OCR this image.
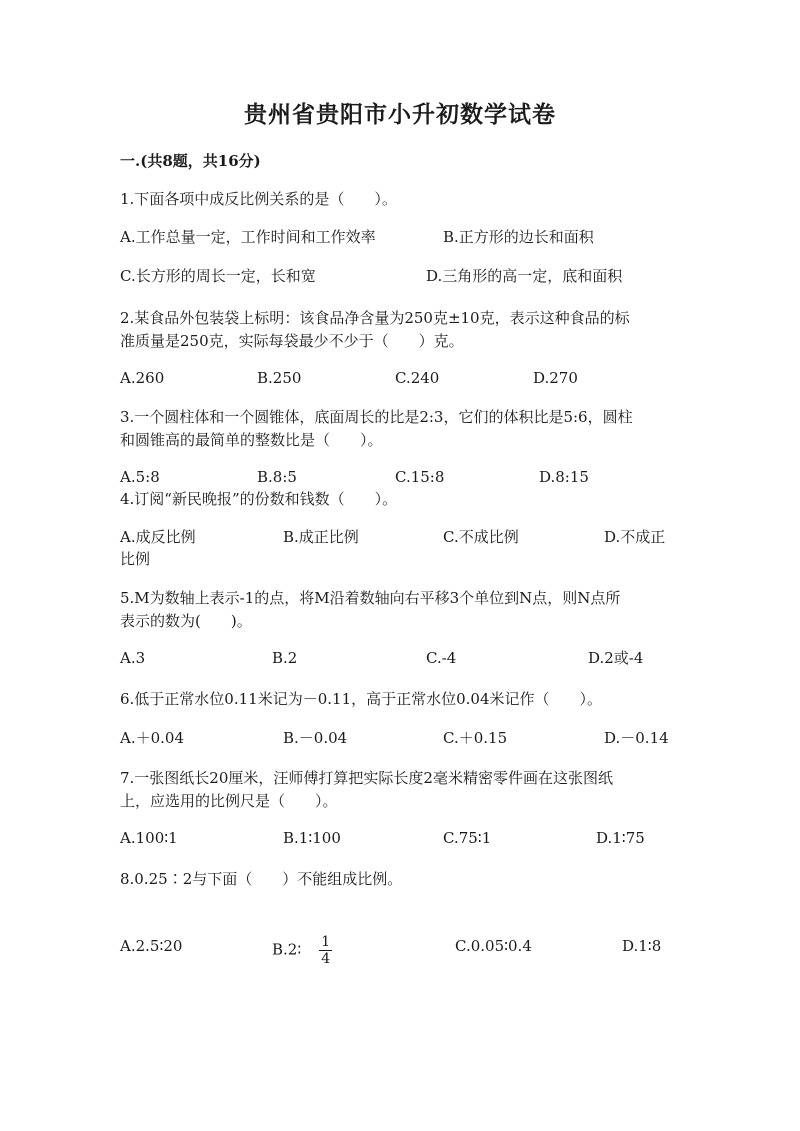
贵州省贵阳市小升初数学试卷
一.(共8题，共16分)
1.下面各项中成反比例关系的是（　　）。
A.工作总量一定，工作时间和工作效率	B.正方形的边长和面积
C.长方形的周长一定，长和宽	D.三角形的高一定，底和面积
2.某食品外包装袋上标明：该食品净含量为250克±10克，表示这种食品的标
准质量是250克，实际每袋最少不少于（　　）克。
A.260	B.250	C.240	D.270
3.一个圆柱体和一个圆锥体，底面周长的比是2:3，它们的体积比是5:6，圆柱
和圆锥高的最简单的整数比是（　　）。
A.5:8	B.8:5	C.15:8	D.8:15
4.订阅“新民晚报”的份数和钱数（　　）。
A.成反比例	B.成正比例	C.不成比例	D.不成正
比例
5.M为数轴上表示-1的点，将M沿着数轴向右平移3个单位到N点，则N点所
表示的数为(　　)。
A.3	B.2	C.-4	D.2或-4
6.低于正常水位0.11米记为－0.11，高于正常水位0.04米记作（　　）。
A.＋0.04	B.－0.04	C.＋0.15	D.－0.14
7.一张图纸长20厘米，汪师傅打算把实际长度2毫米精密零件画在这张图纸
上，应选用的比例尺是（　　）。
A.100∶1	B.1∶100	C.75∶1	D.1∶75
8.0.25∶2与下面（　　）不能组成比例。
A.2.5∶20	B.2∶ $\frac{1}{4}$	C.0.05∶0.4	D.1∶8
